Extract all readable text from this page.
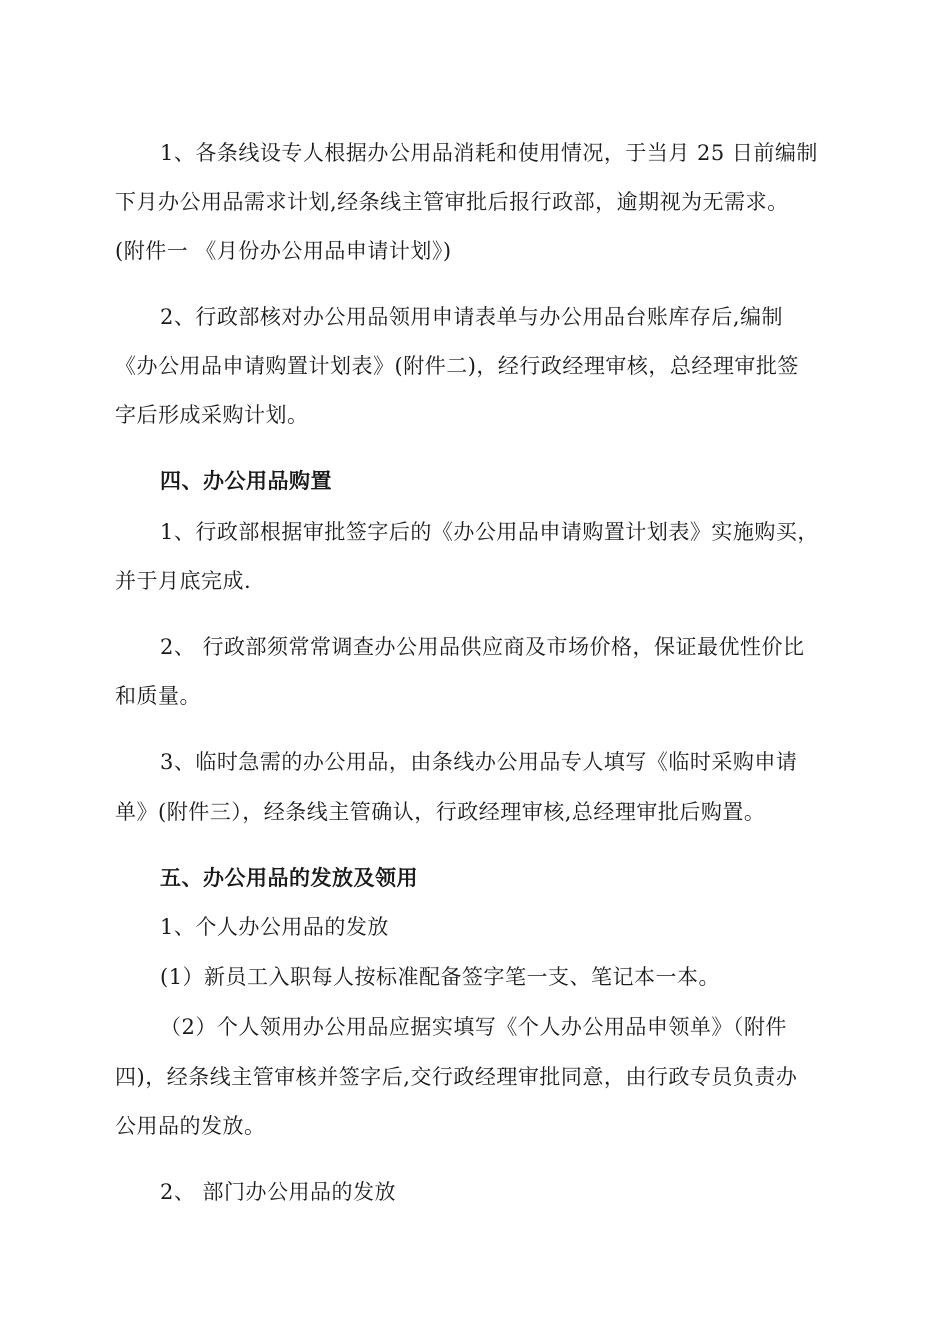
1、各条线设专人根据办公用品消耗和使用情况，于当月 25 日前编制
下月办公用品需求计划,经条线主管审批后报行政部，逾期视为无需求。
(附件一 《月份办公用品申请计划》)
2、行政部核对办公用品领用申请表单与办公用品台账库存后,编制
《办公用品申请购置计划表》(附件二)，经行政经理审核，总经理审批签
字后形成采购计划。
四、办公用品购置
1、行政部根据审批签字后的《办公用品申请购置计划表》实施购买，
并于月底完成.
2、 行政部须常常调查办公用品供应商及市场价格，保证最优性价比
和质量。
3、临时急需的办公用品，由条线办公用品专人填写《临时采购申请
单》(附件三），经条线主管确认，行政经理审核,总经理审批后购置。
五、办公用品的发放及领用
1、个人办公用品的发放
(1）新员工入职每人按标准配备签字笔一支、笔记本一本。
（2）个人领用办公用品应据实填写《个人办公用品申领单》（附件
四)，经条线主管审核并签字后,交行政经理审批同意，由行政专员负责办
公用品的发放。
2、 部门办公用品的发放
